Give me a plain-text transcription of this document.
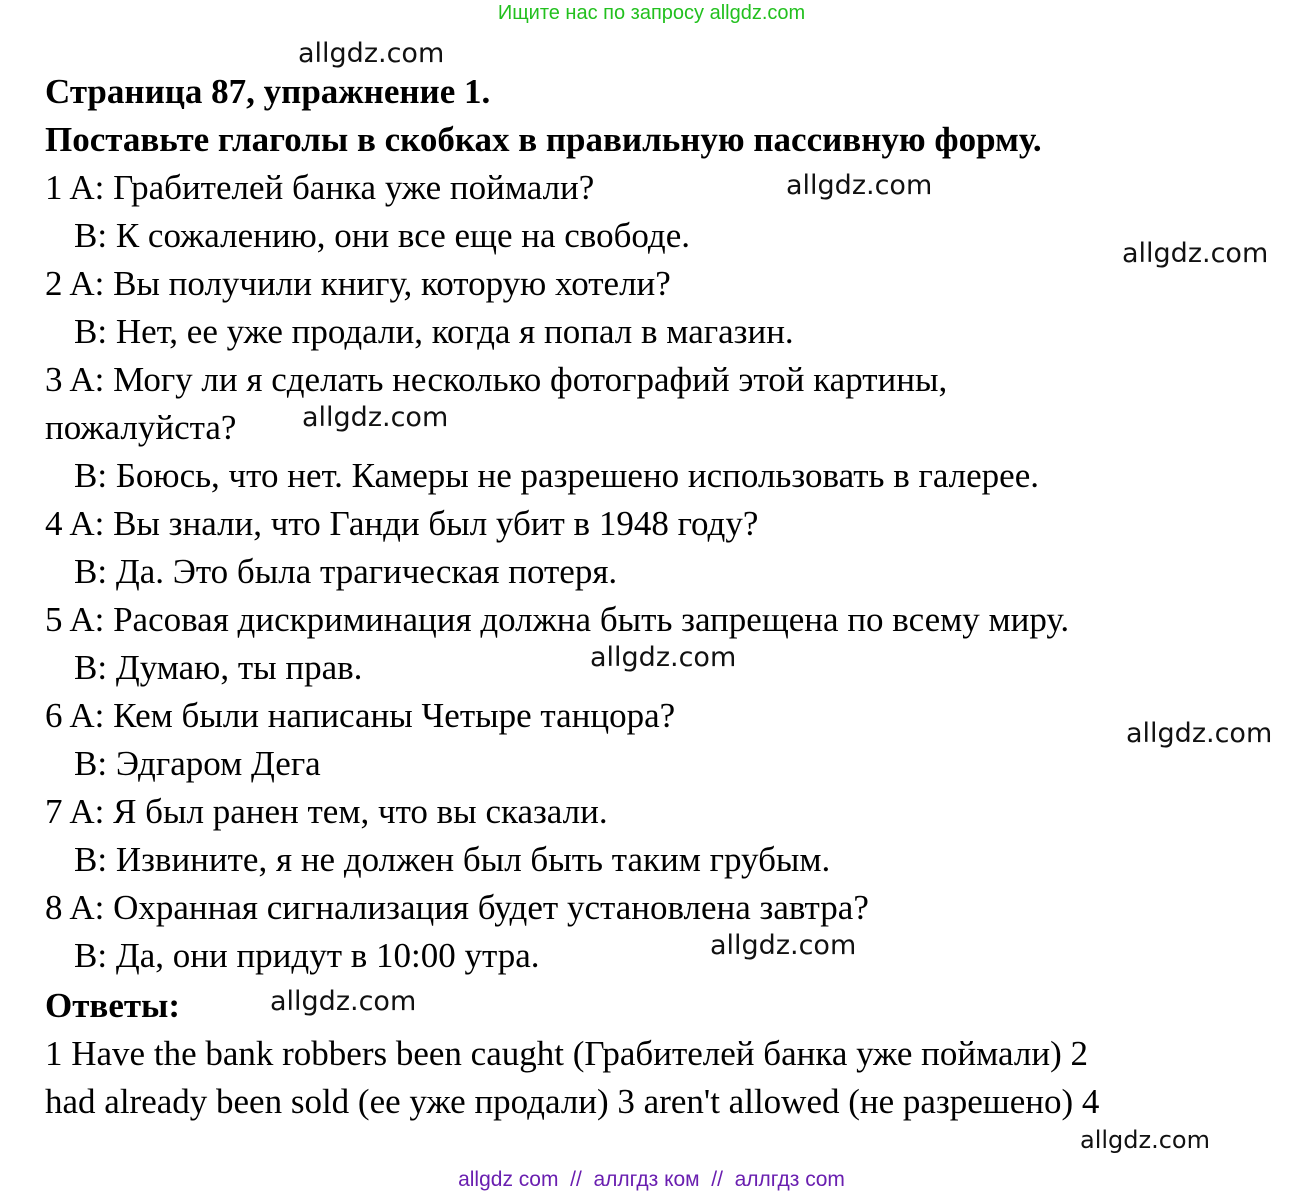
Ищите нас по запросу allgdz.com
allgdz.com
allgdz.com
allgdz.com
allgdz.com
allgdz.com
allgdz.com
allgdz.com
allgdz.com
allgdz.com
Страница 87, упражнение 1.
Поставьте глаголы в скобках в правильную пассивную форму.
1 A: Грабителей банка уже поймали?
B: К сожалению, они все еще на свободе.
2 A: Вы получили книгу, которую хотели?
B: Нет, ее уже продали, когда я попал в магазин.
3 A: Могу ли я сделать несколько фотографий этой картины,
пожалуйста?
B: Боюсь, что нет. Камеры не разрешено использовать в галерее.
4 A: Вы знали, что Ганди был убит в 1948 году?
B: Да. Это была трагическая потеря.
5 A: Расовая дискриминация должна быть запрещена по всему миру.
B: Думаю, ты прав.
6 A: Кем были написаны Четыре танцора?
B: Эдгаром Дега
7 A: Я был ранен тем, что вы сказали.
B: Извините, я не должен был быть таким грубым.
8 A: Охранная сигнализация будет установлена завтра?
B: Да, они придут в 10:00 утра.
Ответы:
1 Have the bank robbers been caught (Грабителей банка уже поймали) 2
had already been sold (ее уже продали) 3 aren't allowed (не разрешено) 4
allgdz com  //  аллгдз ком  //  аллгдз com
